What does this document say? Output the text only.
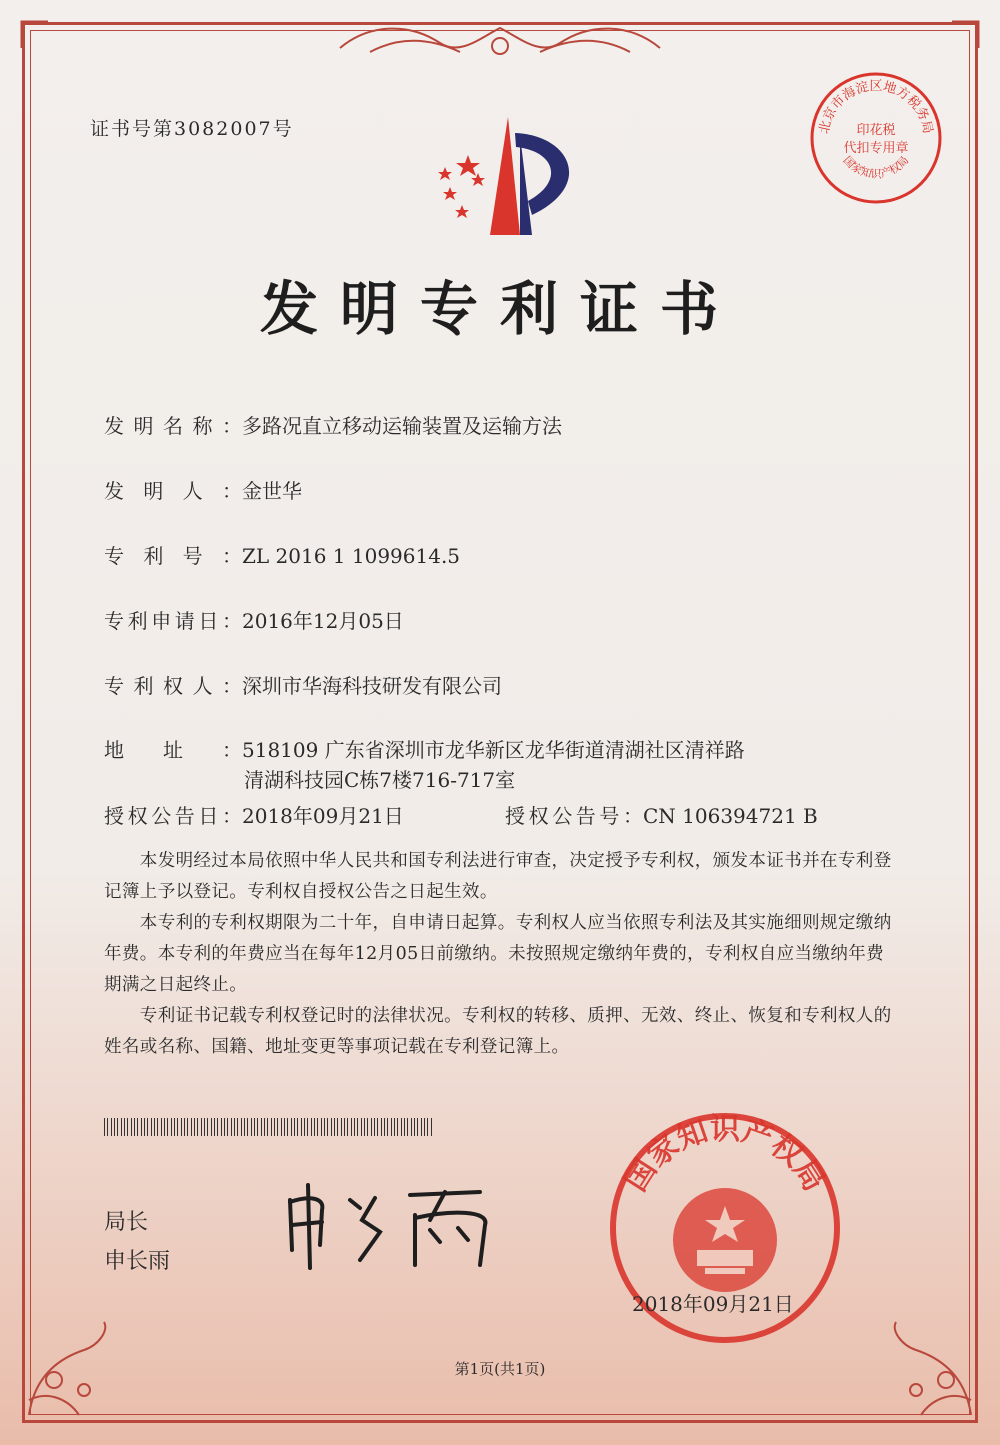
证书号第3082007号	北京市海淀区地方税务局
印花税
代扣专用章
国家知识产权局
发明专利证书
发明名称：多路况直立移动运输装置及运输方法
发明人：金世华
专利号：ZL 2016 1 1099614.5
专利申请日：2016年12月05日
专利权人：深圳市华海科技研发有限公司
地址：518109 广东省深圳市龙华新区龙华街道清湖社区清祥路
清湖科技园C栋7楼716-717室
授权公告日：2018年09月21日	授权公告号：CN 106394721 B
　　本发明经过本局依照中华人民共和国专利法进行审查，决定授予专利权，颁发本证书并在专利登记簿上予以登记。专利权自授权公告之日起生效。
　　本专利的专利权期限为二十年，自申请日起算。专利权人应当依照专利法及其实施细则规定缴纳年费。本专利的年费应当在每年12月05日前缴纳。未按照规定缴纳年费的，专利权自应当缴纳年费期满之日起终止。
　　专利证书记载专利权登记时的法律状况。专利权的转移、质押、无效、终止、恢复和专利权人的姓名或名称、国籍、地址变更等事项记载在专利登记簿上。
局长
申长雨
国家知识产权局
2018年09月21日
第1页(共1页)
